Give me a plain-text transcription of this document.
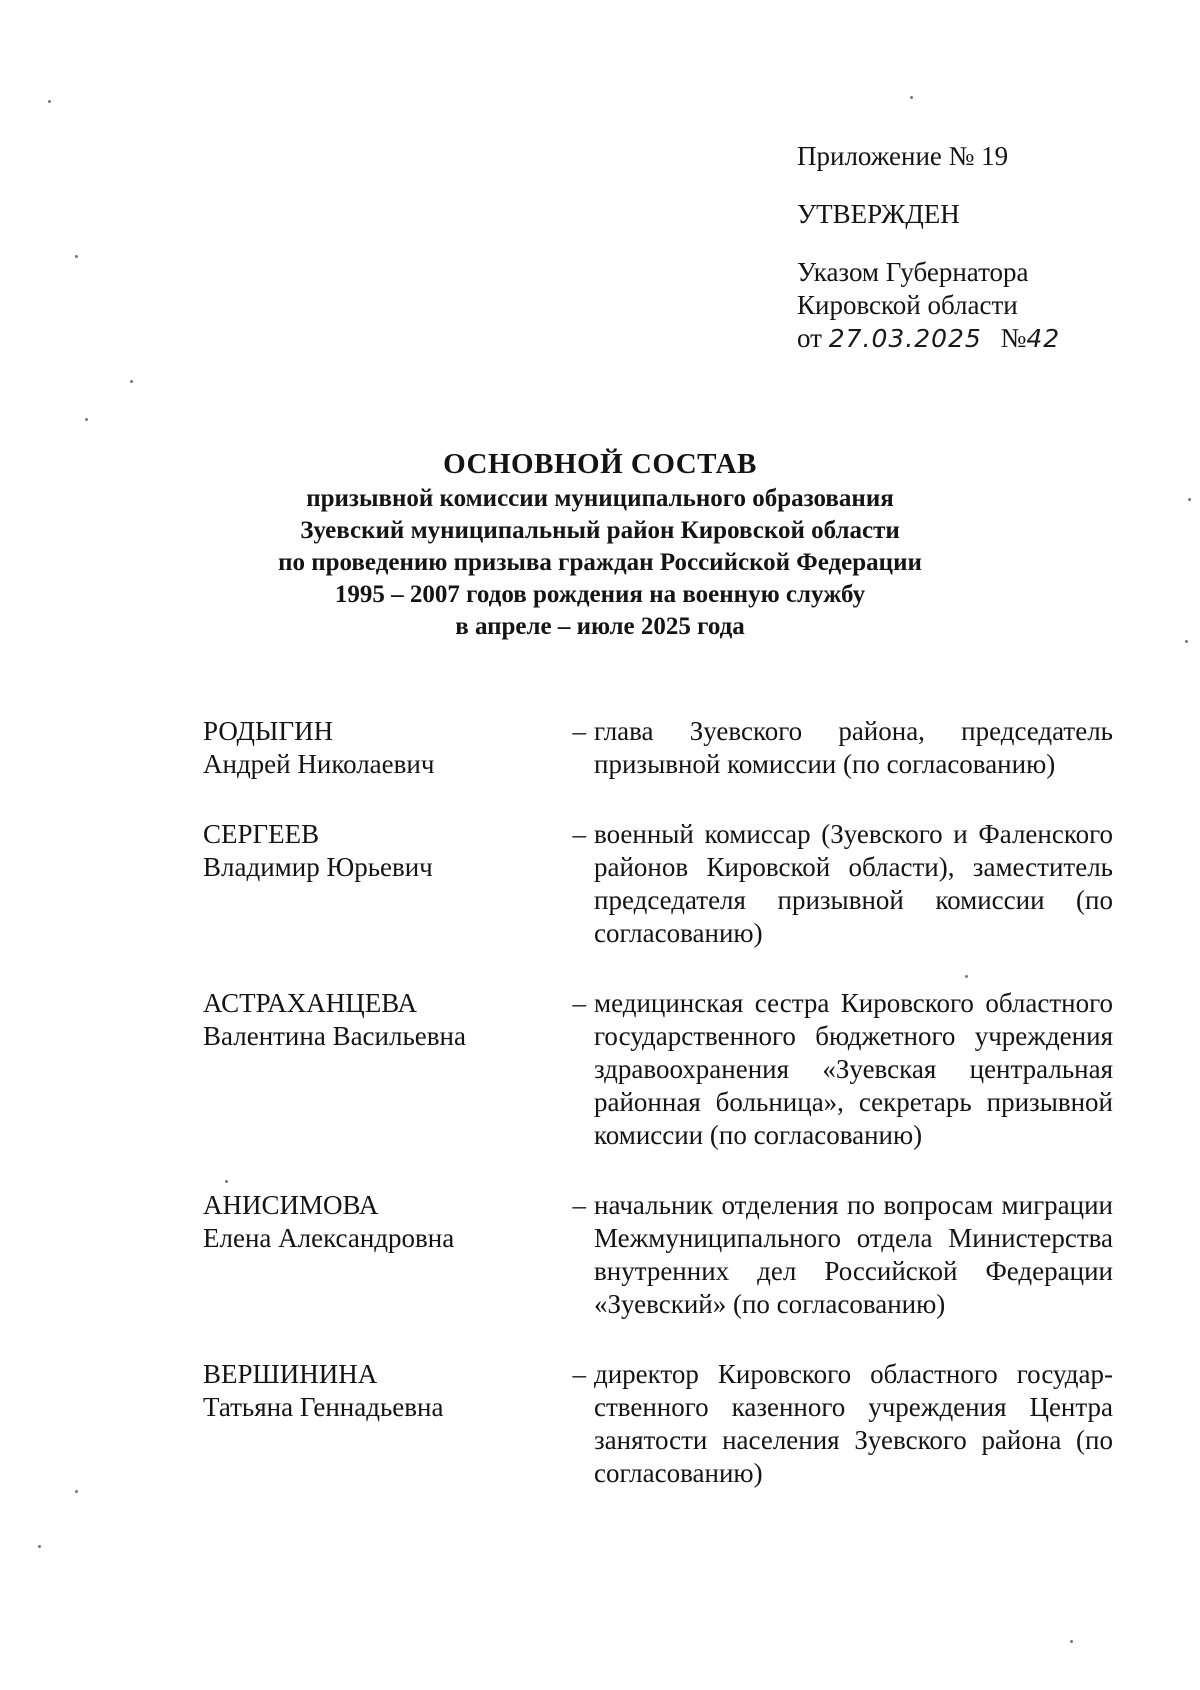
Приложение № 19
УТВЕРЖДЕН
Указом Губернатора
Кировской области
от 27.03.2025 №42
ОСНОВНОЙ СОСТАВ
призывной комиссии муниципального образования
Зуевский муниципальный район Кировской области
по проведению призыва граждан Российской Федерации
1995 – 2007 годов рождения на военную службу
в апреле – июле 2025 года
РОДЫГИН
Андрей Николаевич
– глава Зуевского района, председатель призывной комиссии (по согласованию)
СЕРГЕЕВ
Владимир Юрьевич
– военный комиссар (Зуевского и Фаленского районов Кировской области), заместитель председателя призывной комиссии (по согласованию)
АСТРАХАНЦЕВА
Валентина Васильевна
– медицинская сестра Кировского областного государственного бюджетного учреждения здравоохранения «Зуевская центральная районная больница», секретарь призывной комиссии (по согласованию)
АНИСИМОВА
Елена Александровна
– начальник отделения по вопросам миграции Межмуниципального отдела Министерства внутренних дел Российской Федерации «Зуевский» (по согласованию)
ВЕРШИНИНА
Татьяна Геннадьевна
– директор Кировского областного государственного казенного учреждения Центра занятости населения Зуевского района (по согласованию)
